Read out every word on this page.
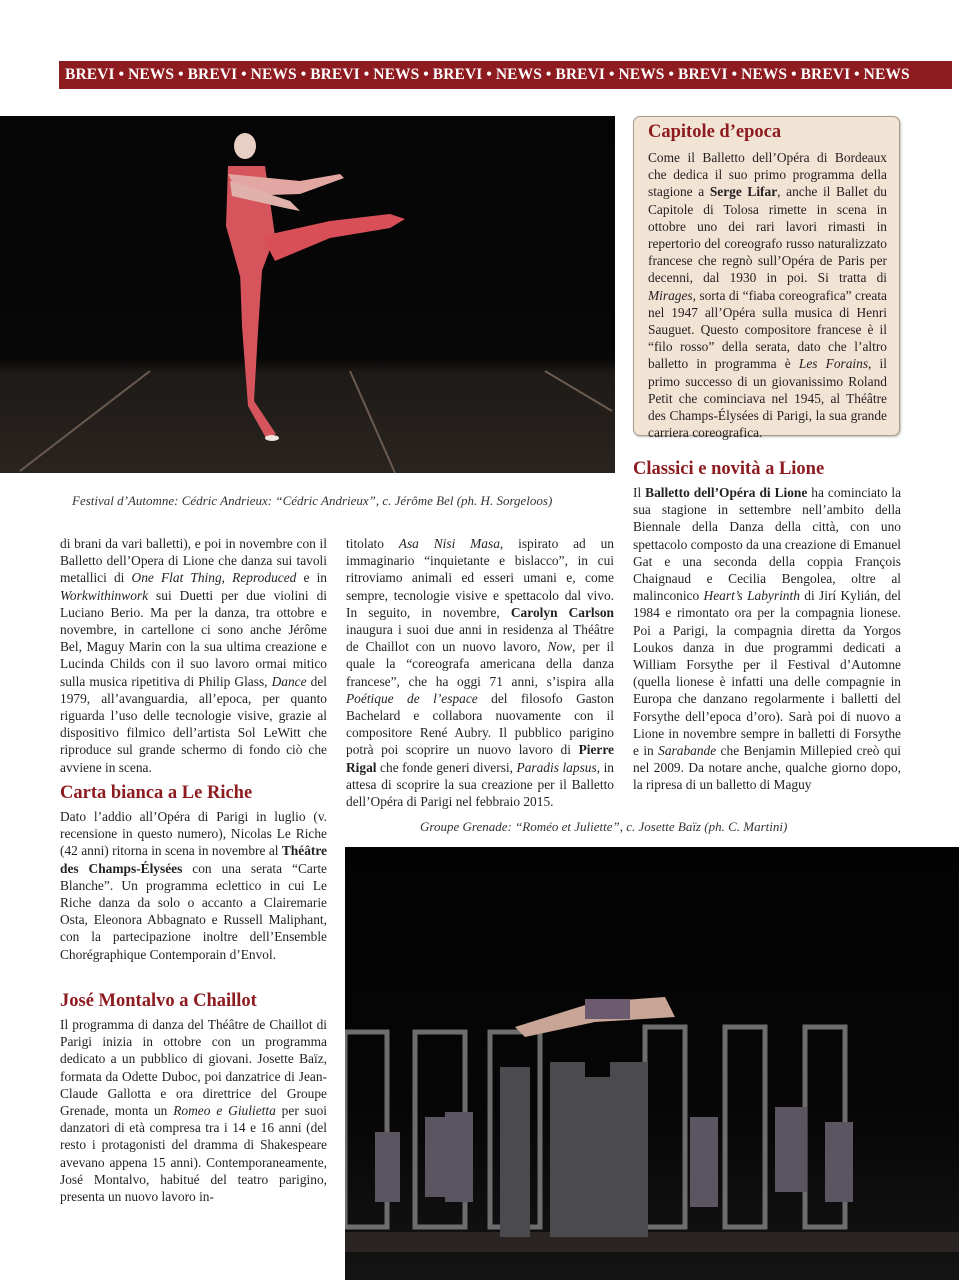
BREVI • NEWS • BREVI • NEWS • BREVI • NEWS • BREVI • NEWS • BREVI • NEWS • BREVI • NEWS • BREVI • NEWS
Festival d’Automne: Cédric Andrieux: “Cédric Andrieux”, c. Jérôme Bel (ph. H. Sorgeloos)
Capitole d’epoca

Come il Balletto dell’Opéra di Bordeaux che dedica il suo primo programma della stagione a Serge Lifar, anche il Ballet du Capitole di Tolosa rimette in scena in ottobre uno dei rari lavori rimasti in repertorio del coreografo russo naturalizzato francese che regnò sull’Opéra de Paris per decenni, dal 1930 in poi. Si tratta di Mirages, sorta di “fiaba coreografica” creata nel 1947 all’Opéra sulla musica di Henri Sauguet. Questo compositore francese è il “filo rosso” della serata, dato che l’altro balletto in programma è Les Forains, il primo successo di un giovanissimo Roland Petit che cominciava nel 1945, al Théâtre des Champs-Élysées di Parigi, la sua grande carriera coreografica.

Classici e novità a Lione

Il Balletto dell’Opéra di Lione ha cominciato la sua stagione in settembre nell’ambito della Biennale della Danza della città, con uno spettacolo composto da una creazione di Emanuel Gat e una seconda della coppia François Chaignaud e Cecilia Bengolea, oltre al malinconico Heart’s Labyrinth di Jirí Kylián, del 1984 e rimontato ora per la compagnia lionese. Poi a Parigi, la compagnia diretta da Yorgos Loukos danza in due programmi dedicati a William Forsythe per il Festival d’Automne (quella lionese è infatti una delle compagnie in Europa che danzano regolarmente i balletti del Forsythe dell’epoca d’oro). Sarà poi di nuovo a Lione in novembre sempre in balletti di Forsythe e in Sarabande che Benjamin Millepied creò qui nel 2009. Da notare anche, qualche giorno dopo, la ripresa di un balletto di Maguy

di brani da vari balletti), e poi in novembre con il Balletto dell’Opera di Lione che danza sui tavoli metallici di One Flat Thing, Reproduced e in Workwithinwork sui Duetti per due violini di Luciano Berio. Ma per la danza, tra ottobre e novembre, in cartellone ci sono anche Jérôme Bel, Maguy Marin con la sua ultima creazione e Lucinda Childs con il suo lavoro ormai mitico sulla musica ripetitiva di Philip Glass, Dance del 1979, all’avanguardia, all’epoca, per quanto riguarda l’uso delle tecnologie visive, grazie al dispositivo filmico dell’artista Sol LeWitt che riproduce sul grande schermo di fondo ciò che avviene in scena.

titolato Asa Nisi Masa, ispirato ad un immaginario “inquietante e bislacco”, in cui ritroviamo animali ed esseri umani e, come sempre, tecnologie visive e spettacolo dal vivo. In seguito, in novembre, Carolyn Carlson inaugura i suoi due anni in residenza al Théâtre de Chaillot con un nuovo lavoro, Now, per il quale la “coreografa americana della danza francese”, che ha oggi 71 anni, s’ispira alla Poétique de l’espace del filosofo Gaston Bachelard e collabora nuovamente con il compositore René Aubry. Il pubblico parigino potrà poi scoprire un nuovo lavoro di Pierre Rigal che fonde generi diversi, Paradis lapsus, in attesa di scoprire la sua creazione per il Balletto dell’Opéra di Parigi nel febbraio 2015.

Carta bianca a Le Riche

Dato l’addio all’Opéra di Parigi in luglio (v. recensione in questo numero), Nicolas Le Riche (42 anni) ritorna in scena in novembre al Théâtre des Champs-Élysées con una serata “Carte Blanche”. Un programma eclettico in cui Le Riche danza da solo o accanto a Clairemarie Osta, Eleonora Abbagnato e Russell Maliphant, con la partecipazione inoltre dell’Ensemble Chorégraphique Contemporain d’Envol.

José Montalvo a Chaillot

Il programma di danza del Théâtre de Chaillot di Parigi inizia in ottobre con un programma dedicato a un pubblico di giovani. Josette Baïz, formata da Odette Duboc, poi danzatrice di Jean-Claude Gallotta e ora direttrice del Groupe Grenade, monta un Romeo e Giulietta per suoi danzatori di età compresa tra i 14 e 16 anni (del resto i protagonisti del dramma di Shakespeare avevano appena 15 anni). Contemporaneamente, José Montalvo, habitué del teatro parigino, presenta un nuovo lavoro in-

Groupe Grenade: “Roméo et Juliette”, c. Josette Baïz (ph. C. Martini)
